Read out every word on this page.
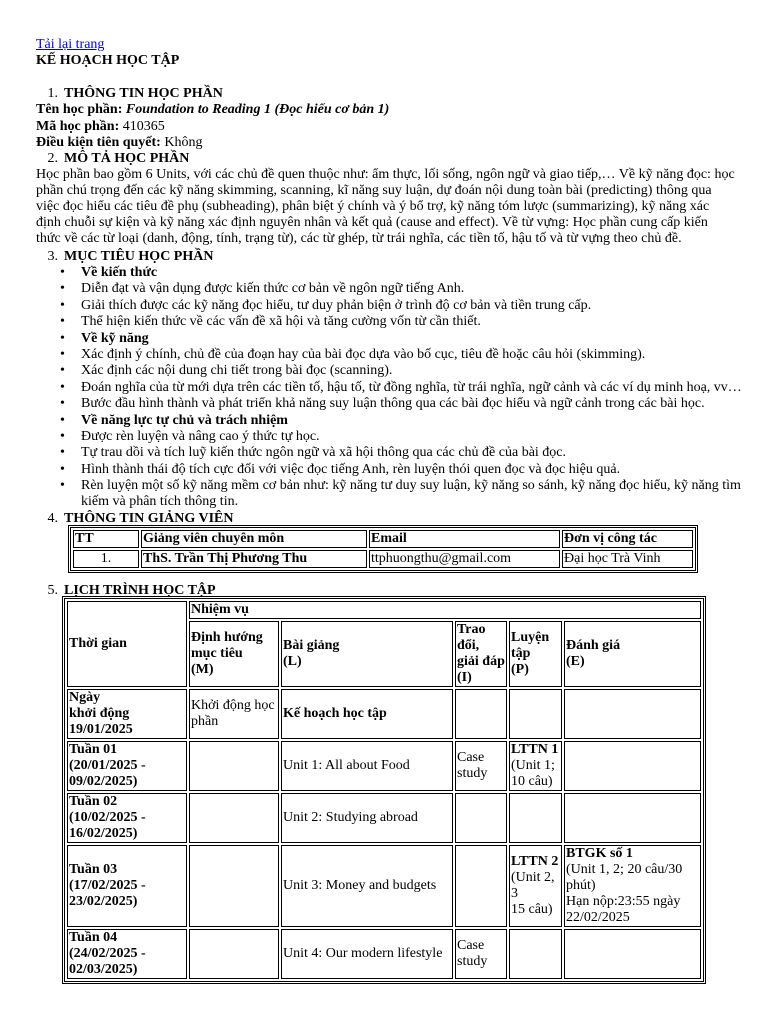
Tải lại trang
KẾ HOẠCH HỌC TẬP
1. THÔNG TIN HỌC PHẦN
Tên học phần: Foundation to Reading 1 (Đọc hiểu cơ bản 1)
Mã học phần: 410365
Điều kiện tiên quyết: Không
2. MÔ TẢ HỌC PHẦN
Học phần bao gồm 6 Units, với các chủ đề quen thuộc như: ẩm thực, lối sống, ngôn ngữ và giao tiếp,… Về kỹ năng đọc: học phần chú trọng đến các kỹ năng skimming, scanning, kĩ năng suy luận, dự đoán nội dung toàn bài (predicting) thông qua việc đọc hiểu các tiêu đề phụ (subheading), phân biệt ý chính và ý bổ trợ, kỹ năng tóm lược (summarizing), kỹ năng xác định chuỗi sự kiện và kỹ năng xác định nguyên nhân và kết quả (cause and effect). Về từ vựng: Học phần cung cấp kiến thức về các từ loại (danh, động, tính, trạng từ), các từ ghép, từ trái nghĩa, các tiền tố, hậu tố và từ vựng theo chủ đề.
3. MỤC TIÊU HỌC PHẦN
• Về kiến thức
• Diễn đạt và vận dụng được kiến thức cơ bản về ngôn ngữ tiếng Anh.
• Giải thích được các kỹ năng đọc hiểu, tư duy phản biện ở trình độ cơ bản và tiền trung cấp.
• Thể hiện kiến thức về các vấn đề xã hội và tăng cường vốn từ cần thiết.
• Về kỹ năng
• Xác định ý chính, chủ đề của đoạn hay của bài đọc dựa vào bố cục, tiêu đề hoặc câu hỏi (skimming).
• Xác định các nội dung chi tiết trong bài đọc (scanning).
• Đoán nghĩa của từ mới dựa trên các tiền tố, hậu tố, từ đồng nghĩa, từ trái nghĩa, ngữ cảnh và các ví dụ minh hoạ, vv…
• Bước đầu hình thành và phát triển khả năng suy luận thông qua các bài đọc hiểu và ngữ cảnh trong các bài học.
• Về năng lực tự chủ và trách nhiệm
• Được rèn luyện và nâng cao ý thức tự học.
• Tự trau dồi và tích luỹ kiến thức ngôn ngữ và xã hội thông qua các chủ đề của bài đọc.
• Hình thành thái độ tích cực đối với việc đọc tiếng Anh, rèn luyện thói quen đọc và đọc hiệu quả.
• Rèn luyện một số kỹ năng mềm cơ bản như: kỹ năng tư duy suy luận, kỹ năng so sánh, kỹ năng đọc hiểu, kỹ năng tìm kiếm và phân tích thông tin.
4. THÔNG TIN GIẢNG VIÊN
TT	Giảng viên chuyên môn	Email	Đơn vị công tác
1.	ThS. Trần Thị Phương Thu	ttphuongthu@gmail.com	Đại học Trà Vinh
5. LỊCH TRÌNH HỌC TẬP
Thời gian	Nhiệm vụ				
	Định hướng
mục tiêu
(M)	Bài giảng
(L)	Trao
đổi,
giải đáp
(I)	Luyện
tập
(P)	Đánh giá
(E)
Ngày
khởi động
19/01/2025	Khởi động học
phần	Kế hoạch học tập			
Tuần 01
(20/01/2025 -
09/02/2025)		Unit 1: All about Food	Case
study	LTTN 1
(Unit 1;
10 câu)	
Tuần 02
(10/02/2025 -
16/02/2025)		Unit 2: Studying abroad			
Tuần 03
(17/02/2025 -
23/02/2025)		Unit 3: Money and budgets		LTTN 2
(Unit 2,
3
15 câu)	BTGK số 1
(Unit 1, 2; 20 câu/30
phút)
Hạn nộp:23:55 ngày
22/02/2025
Tuần 04
(24/02/2025 -
02/03/2025)		Unit 4: Our modern lifestyle	Case
study		
